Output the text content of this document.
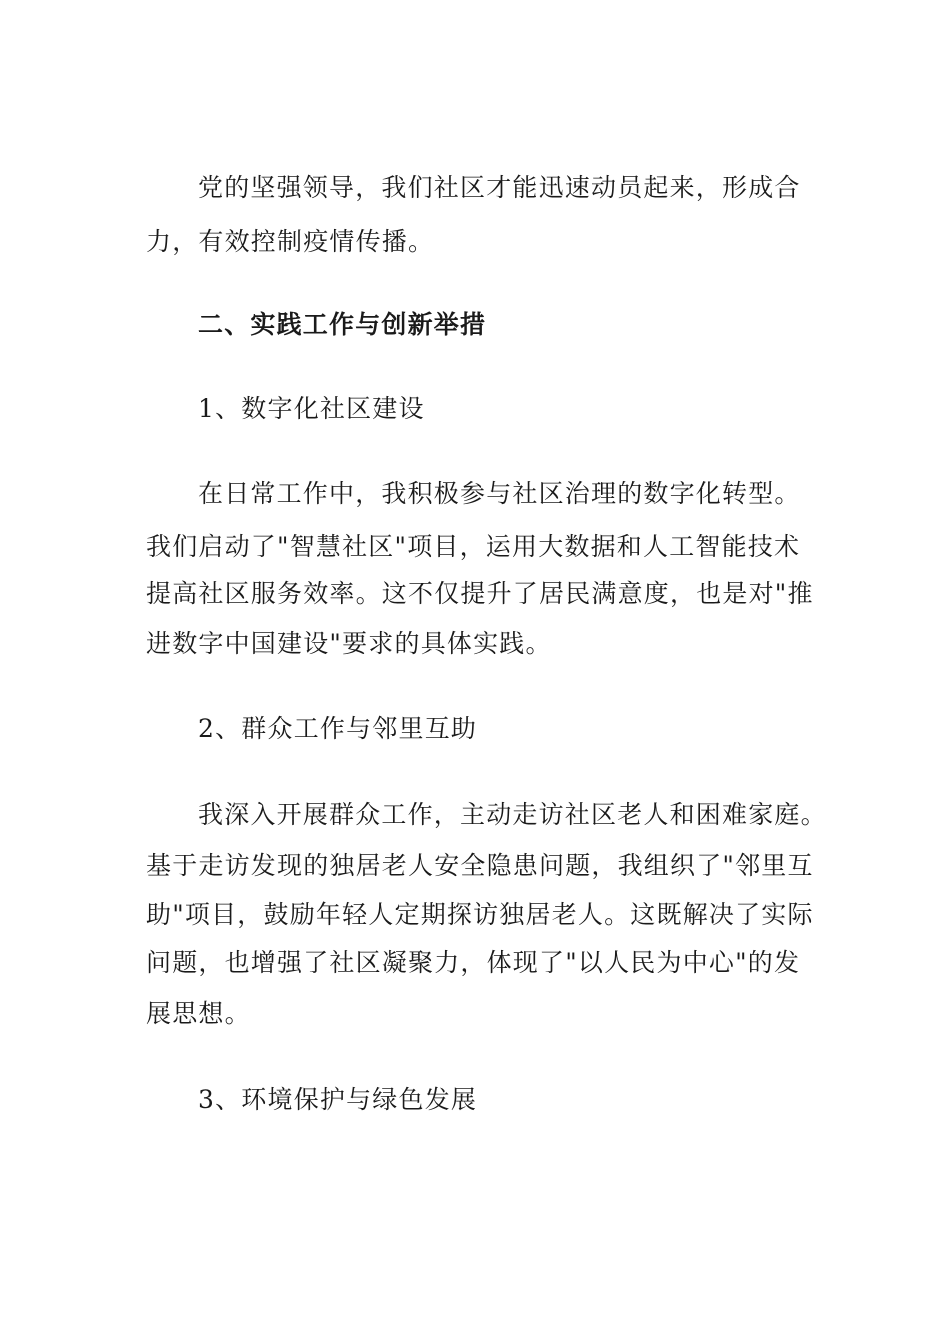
党的坚强领导，我们社区才能迅速动员起来，形成合
力，有效控制疫情传播。
二、实践工作与创新举措
1、数字化社区建设
在日常工作中，我积极参与社区治理的数字化转型。
我们启动了"智慧社区"项目，运用大数据和人工智能技术
提高社区服务效率。这不仅提升了居民满意度，也是对"推
进数字中国建设"要求的具体实践。
2、群众工作与邻里互助
我深入开展群众工作，主动走访社区老人和困难家庭。
基于走访发现的独居老人安全隐患问题，我组织了"邻里互
助"项目，鼓励年轻人定期探访独居老人。这既解决了实际
问题，也增强了社区凝聚力，体现了"以人民为中心"的发
展思想。
3、环境保护与绿色发展
